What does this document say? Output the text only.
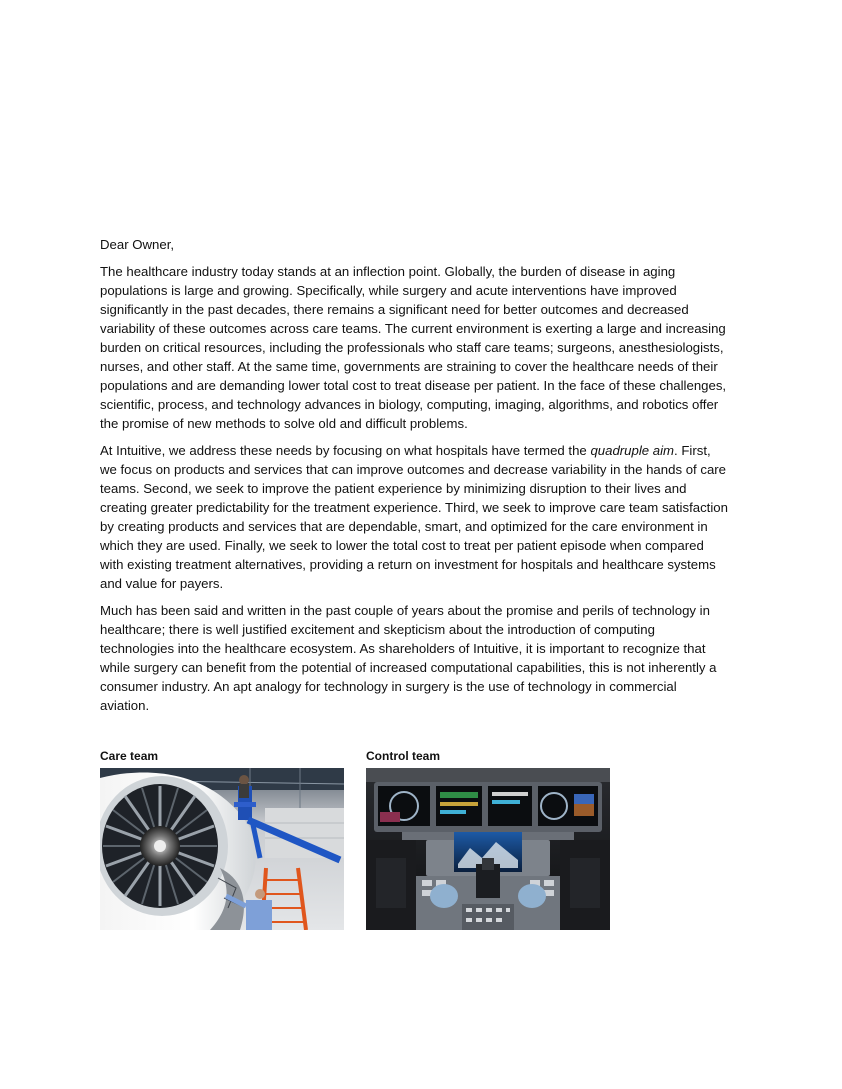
Dear Owner,

The healthcare industry today stands at an inflection point. Globally, the burden of disease in aging populations is large and growing. Specifically, while surgery and acute interventions have improved significantly in the past decades, there remains a significant need for better outcomes and decreased variability of these outcomes across care teams. The current environment is exerting a large and increasing burden on critical resources, including the professionals who staff care teams; surgeons, anesthesiologists, nurses, and other staff. At the same time, governments are straining to cover the healthcare needs of their populations and are demanding lower total cost to treat disease per patient. In the face of these challenges, scientific, process, and technology advances in biology, computing, imaging, algorithms, and robotics offer the promise of new methods to solve old and difficult problems.

At Intuitive, we address these needs by focusing on what hospitals have termed the quadruple aim. First, we focus on products and services that can improve outcomes and decrease variability in the hands of care teams. Second, we seek to improve the patient experience by minimizing disruption to their lives and creating greater predictability for the treatment experience. Third, we seek to improve care team satisfaction by creating products and services that are dependable, smart, and optimized for the care environment in which they are used. Finally, we seek to lower the total cost to treat per patient episode when compared with existing treatment alternatives, providing a return on investment for hospitals and healthcare systems and value for payers.

Much has been said and written in the past couple of years about the promise and perils of technology in healthcare; there is well justified excitement and skepticism about the introduction of computing technologies into the healthcare ecosystem. As shareholders of Intuitive, it is important to recognize that while surgery can benefit from the potential of increased computational capabilities, this is not inherently a consumer industry. An apt analogy for technology in surgery is the use of technology in commercial aviation.

Care team	Control team
